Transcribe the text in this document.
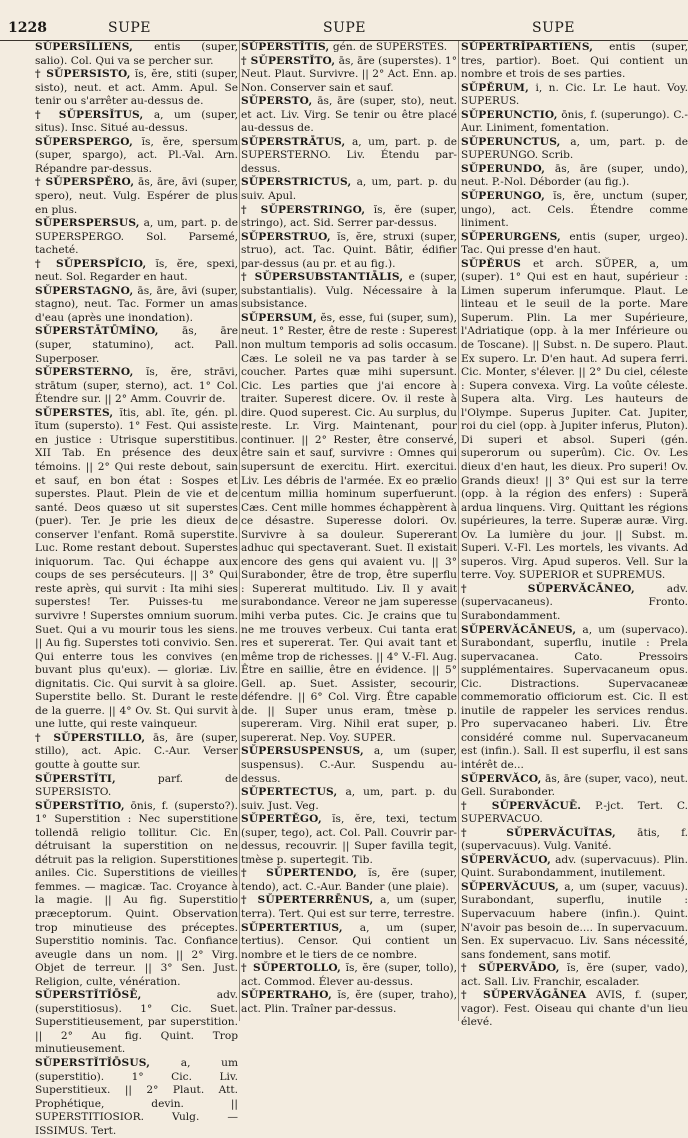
1228	SUPE	SUPE	SUPE

SŬPERSĪLIENS, entis (super, salio). Col. Qui va se percher sur.

† SŬPERSISTO, ĭs, ĕre, stiti (super, sisto), neut. et act. Amm. Apul. Se tenir ou s'arrêter au-dessus de.

† SŬPERSĬTUS, a, um (super, situs). Insc. Situé au-dessus.

SŬPERSPERGO, ĭs, ĕre, spersum (super, spargo), act. Pl.-Val. Arn. Répandre par-dessus.

† SŬPERSPĔRO, ās, āre, āvi (super, spero), neut. Vulg. Espérer de plus en plus.

SŬPERSPERSUS, a, um, part. p. de SUPERSPERGO. Sol. Parsemé, tacheté.

† SŬPERSPĬCIO, ĭs, ĕre, spexi, neut. Sol. Regarder en haut.

SŬPERSTAGNO, ās, āre, āvi (super, stagno), neut. Tac. Former un amas d'eau (après une inondation).

SŬPERSTĀTŪMĬNO, ās, āre (super, statumino), act. Pall. Superposer.

SŬPERSTERNO, ĭs, ĕre, strāvi, strātum (super, sterno), act. 1° Col. Étendre sur. || 2° Amm. Couvrir de.

SŬPERSTES, ĭtis, abl. ĭte, gén. pl. ĭtum (supersto). 1° Fest. Qui assiste en justice : Utrisque superstitibus. XII Tab. En présence des deux témoins. || 2° Qui reste debout, sain et sauf, en bon état : Sospes et superstes. Plaut. Plein de vie et de santé. Deos quæso ut sit superstes (puer). Ter. Je prie les dieux de conserver l'enfant. Romā superstite. Luc. Rome restant debout. Superstes iniquorum. Tac. Qui échappe aux coups de ses persécuteurs. || 3° Qui reste après, qui survit : Ita mihi sies superstes! Ter. Puisses-tu me survivre ! Superstes omnium suorum. Suet. Qui a vu mourir tous les siens. || Au fig. Superstes toti convivio. Sen. Qui enterre tous les convives (en buvant plus qu'eux). — gloriæ. Liv. dignitatis. Cic. Qui survit à sa gloire. Superstite bello. St. Durant le reste de la guerre. || 4° Ov. St. Qui survit à une lutte, qui reste vainqueur.

† SŬPERSTILLO, ās, āre (super, stillo), act. Apic. C.-Aur. Verser goutte à goutte sur.

SŬPERSTĬTI,	parf. de SUPERSISTO.

SŬPERSTĬTIO, ōnis, f. (supersto?). 1° Superstition : Nec superstitione tollendā religio tollitur. Cic. En détruisant la superstition on ne détruit pas la religion. Superstitiones aniles. Cic. Superstitions de vieilles femmes. — magicæ. Tac. Croyance à la magie. || Au fig. Superstitio præceptorum. Quint. Observation trop minutieuse des préceptes. Superstitio nominis. Tac. Confiance aveugle dans un nom. || 2° Virg. Objet de terreur. || 3° Sen. Just. Religion, culte, vénération.

SŬPERSTĬTĬŌSĒ,	adv. (superstitiosus). 1° Cic. Suet. Superstitieusement, par superstition. || 2° Au fig. Quint. Trop minutieusement.

SŬPERSTĬTĬŌSUS,	a, um (superstitio). 1° Cic. Liv. Superstitieux. || 2° Plaut. Att. Prophétique, devin. || SUPERSTITIOSIOR. Vulg. — ISSIMUS. Tert.

SŬPERSTĬTIS, gén. de SUPERSTES.

† SŬPERSTĬTO, ās, āre (superstes). 1° Neut. Plaut. Survivre. || 2° Act. Enn. ap. Non. Conserver sain et sauf.

SŬPERSTO, ās, āre (super, sto), neut. et act. Liv. Virg. Se tenir ou être placé au-dessus de.

SŬPERSTRĀTUS, a, um, part. p. de SUPERSTERNO. Liv. Étendu par-dessus.

SŬPERSTRICTUS, a, um, part. p. du suiv. Apul.

† SŬPERSTRINGO, ĭs, ĕre (super, stringo), act. Sid. Serrer par-dessus.

SŬPERSTRUO, ĭs, ĕre, struxi (super, struo), act. Tac. Quint. Bâtir, édifier par-dessus (au pr. et au fig.).

† SŬPERSUBSTANTIĀLIS, e (super, substantialis). Vulg. Nécessaire à la subsistance.

SŬPERSUM, ĕs, esse, fui (super, sum), neut. 1° Rester, être de reste : Superest non multum temporis ad solis occasum. Cæs. Le soleil ne va pas tarder à se coucher. Partes quæ mihi supersunt. Cic. Les parties que j'ai encore à traiter. Superest dicere. Ov. il reste à dire. Quod superest. Cic. Au surplus, du reste. Lr. Virg. Maintenant, pour continuer. || 2° Rester, être conservé, être sain et sauf, survivre : Omnes qui supersunt de exercitu. Hirt. exercitui. Liv. Les débris de l'armée. Ex eo prælio centum millia hominum superfuerunt. Cæs. Cent mille hommes échappèrent à ce désastre. Superesse dolori. Ov. Survivre à sa douleur. Supererant adhuc qui spectaverant. Suet. Il existait encore des gens qui avaient vu. || 3° Surabonder, être de trop, être superflu : Supererat multitudo. Liv. Il y avait surabondance. Vereor ne jam superesse mihi verba putes. Cic. Je crains que tu ne me trouves verbeux. Cui tanta erat res et supererat. Ter. Qui avait tant et même trop de richesses. || 4° V.-Fl. Aug. Être en saillie, être en évidence. || 5° Gell. ap. Suet. Assister, secourir, défendre. || 6° Col. Virg. Être capable de. || Super unus eram, tmèse p. supereram. Virg. Nihil erat super, p. supererat. Nep. Voy. SUPER.

SŬPERSUSPENSUS, a, um (super, suspensus). C.-Aur. Suspendu au-dessus.

SŬPERTECTUS, a, um, part. p. du suiv. Just. Veg.

SŬPERTĔGO, ĭs, ĕre, texi, tectum (super, tego), act. Col. Pall. Couvrir par-dessus, recouvrir. || Super favilla tegit, tmèse p. supertegit. Tib.

† SŬPERTENDO, ĭs, ĕre (super, tendo), act. C.-Aur. Bander (une plaie).

† SŬPERTERRĒNUS, a, um (super, terra). Tert. Qui est sur terre, terrestre.

SŬPERTERTIUS, a, um (super, tertius). Censor. Qui contient un nombre et le tiers de ce nombre.

† SŬPERTOLLO, ĭs, ĕre (super, tollo), act. Commod. Élever au-dessus.

SŬPERTRAHO, ĭs, ĕre (super, traho), act. Plin. Traîner par-dessus.

SŬPERTRĬPARTIENS, entis (super, tres, partior). Boet. Qui contient un nombre et trois de ses parties.

SŬPĔRUM, i, n. Cic. Lr. Le haut. Voy. SUPERUS.

SŬPERUNCTIO, ōnis, f. (superungo). C.-Aur. Liniment, fomentation.

SŬPERUNCTUS, a, um, part. p. de SUPERUNGO. Scrib.

SŬPERUNDO, ās, āre (super, undo), neut. P.-Nol. Déborder (au fig.).

SŬPERUNGO, ĭs, ĕre, unctum (super, ungo), act. Cels. Étendre comme liniment.

SŬPERURGENS, entis (super, urgeo). Tac. Qui presse d'en haut.

SŬPĔRUS et arch. SŬPER, a, um (super). 1° Qui est en haut, supérieur : Limen superum inferumque. Plaut. Le linteau et le seuil de la porte. Mare Superum. Plin. La mer Supérieure, l'Adriatique (opp. à la mer Inférieure ou de Toscane). || Subst. n. De supero. Plaut. Ex supero. Lr. D'en haut. Ad supera ferri. Cic. Monter, s'élever. || 2° Du ciel, céleste : Supera convexa. Virg. La voûte céleste. Supera alta. Virg. Les hauteurs de l'Olympe. Superus Jupiter. Cat. Jupiter, roi du ciel (opp. à Jupiter inferus, Pluton). Di superi et absol. Superi (gén. superorum ou superûm). Cic. Ov. Les dieux d'en haut, les dieux. Pro superi! Ov. Grands dieux! || 3° Qui est sur la terre (opp. à la région des enfers) : Superā ardua linquens. Virg. Quittant les régions supérieures, la terre. Superæ auræ. Virg. Ov. La lumière du jour. || Subst. m. Superi. V.-Fl. Les mortels, les vivants. Ad superos. Virg. Apud superos. Vell. Sur la terre. Voy. SUPERIOR et SUPREMUS.

† SŬPERVĂCĀNEO,	adv. (supervacaneus). Fronto. Surabondamment.

SŬPERVĂCĀNEUS, a, um (supervaco). Surabondant, superflu, inutile : Prela supervacanea. Cato. Pressoirs supplémentaires. Supervacaneum opus. Cic. Distractions. Supervacaneæ commemoratio officiorum est. Cic. Il est inutile de rappeler les services rendus. Pro supervacaneo haberi. Liv. Être considéré comme nul. Supervacaneum est (infin.). Sall. Il est superflu, il est sans intérêt de...

SŬPERVĂCO, ās, āre (super, vaco), neut. Gell. Surabonder.

† SŬPERVĂCUĒ. P.-jct. Tert. C. SUPERVACUO.

† SŬPERVĂCUĬTAS, ātis, f. (supervacuus). Vulg. Vanité.

SŬPERVĂCUO, adv. (supervacuus). Plin. Quint. Surabondamment, inutilement.

SŬPERVĂCUUS, a, um (super, vacuus). Surabondant, superflu, inutile : Supervacuum habere (infin.). Quint. N'avoir pas besoin de.... In supervacuum. Sen. Ex supervacuo. Liv. Sans nécessité, sans fondement, sans motif.

† SŬPERVĀDO, ĭs, ĕre (super, vado), act. Sall. Liv. Franchir, escalader.

† SŬPERVĂGĀNEA AVIS, f. (super, vagor). Fest. Oiseau qui chante d'un lieu élevé.
